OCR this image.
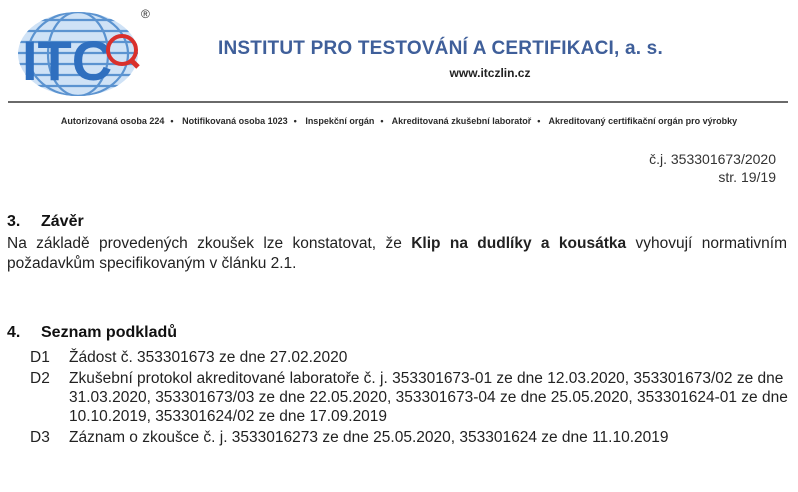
ITC
®
INSTITUT PRO TESTOVÁNÍ A CERTIFIKACI, a. s.
www.itczlin.cz
Autorizovaná osoba 224 • Notifikovaná osoba 1023 • Inspekční orgán • Akreditovaná zkušební laboratoř • Akreditovaný certifikační orgán pro výrobky
č.j. 353301673/2020
str. 19/19
3. Závěr
Na základě provedených zkoušek lze konstatovat, že Klip na dudlíky a kousátka vyhovují normativním požadavkům specifikovaným v článku 2.1.
4. Seznam podkladů
D1	Žádost č. 353301673 ze dne 27.02.2020
D2	Zkušební protokol akreditované laboratoře č. j. 353301673-01 ze dne 12.03.2020, 353301673/02 ze dne 31.03.2020, 353301673/03 ze dne 22.05.2020, 353301673-04 ze dne 25.05.2020, 353301624-01 ze dne 10.10.2019, 353301624/02 ze dne 17.09.2019
D3	Záznam o zkoušce č. j. 3533016273 ze dne 25.05.2020, 353301624 ze dne 11.10.2019
